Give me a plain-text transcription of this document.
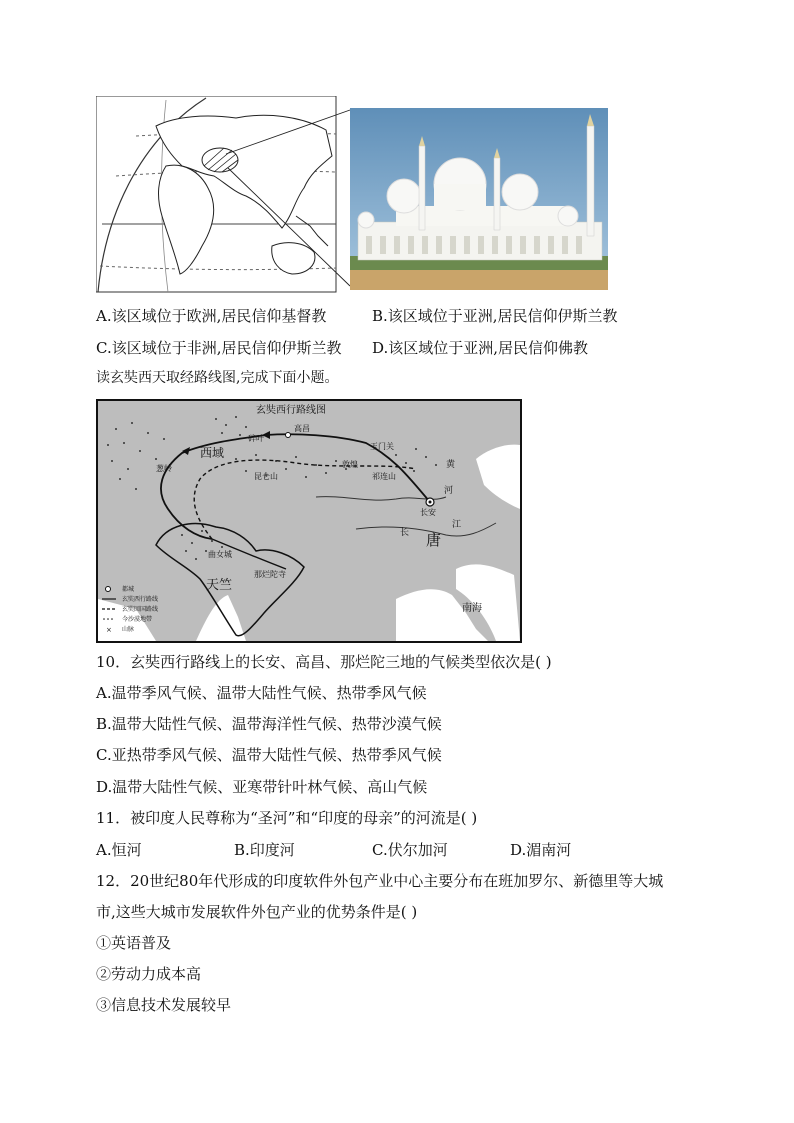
A.该区域位于欧洲,居民信仰基督教	B.该区域位于亚洲,居民信仰伊斯兰教
C.该区域位于非洲,居民信仰伊斯兰教 D.该区域位于亚洲,居民信仰佛教
读玄奘西天取经路线图,完成下面小题。
玄奘西行路线图
高昌
碎叶
玉门关
西域
葱岭
昆仑山
敦煌
祁连山
长安
黄
河
长
江
唐
曲女城
天竺
那烂陀寺
南海
×
都城
玄奘西行路线
玄奘回国路线
今沙漠地带
山脉
10．玄奘西行路线上的长安、高昌、那烂陀三地的气候类型依次是( )
A.温带季风气候、温带大陆性气候、热带季风气候
B.温带大陆性气候、温带海洋性气候、热带沙漠气候
C.亚热带季风气候、温带大陆性气候、热带季风气候
D.温带大陆性气候、亚寒带针叶林气候、高山气候
11．被印度人民尊称为“圣河”和“印度的母亲”的河流是( )
A.恒河	B.印度河	C.伏尔加河	D.湄南河
12．20世纪80年代形成的印度软件外包产业中心主要分布在班加罗尔、新德里等大城
市,这些大城市发展软件外包产业的优势条件是( )
①英语普及
②劳动力成本高
③信息技术发展较早
